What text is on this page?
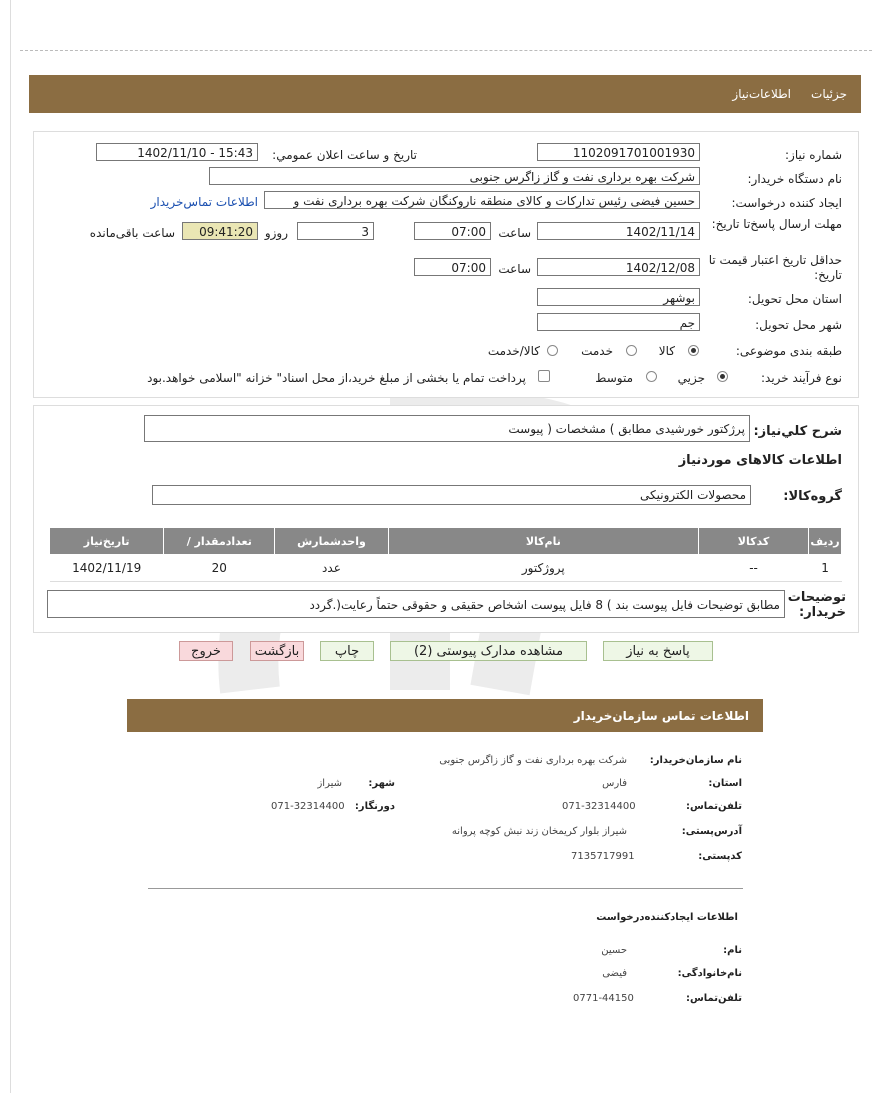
جزئیات
اطلاعات‌نیاز
شماره نیاز:
1102091701001930
تاریخ و ساعت اعلان عمومي:
1402/11/10 - 15:43
نام دستگاه خريدار:
شرکت بهره برداری نفت و گاز زاگرس جنوبی
ايجاد کننده درخواست:
حسین فیضی رئیس تدارکات و کالای منطقه ناروکنگان شرکت بهره برداری نفت و
اطلاعات تماس‌خريدار
مهلت ارسال پاسخ‌تا تاریخ:
1402/11/14
ساعت
07:00
3
روزو
09:41:20
ساعت باقی‌مانده
حداقل تاريخ اعتبار قیمت تا تاریخ:
1402/12/08
ساعت
07:00
استان محل تحويل:
بوشهر
شهر محل تحويل:
جم
طبقه بندی موضوعی:
کالا
خدمت
کالا/خدمت
نوع فرآيند خريد:
جزيي
متوسط
پرداخت تمام یا بخشی از مبلغ خرید،از محل اسناد" خزانه "اسلامی خواهد.بود
شرح كلي‌نياز:
پرژکتور خورشیدی مطابق ) مشخصات ( پیوست
اطلاعات کالاهای موردنیاز
گروه‌کالا:
محصولات الکترونیکی
رديف	كدكالا	نام‌كالا	واحدشمارش	تعدادمقدار /	تاريخ‌نياز
1	--	پروژکتور	عدد	20	1402/11/19
توضيحات خريدار:
مطابق توضیحات فایل پیوست بند ) 8 فایل پیوست اشخاص حقیقی و حقوقی حتماً رعایت(.گردد
پاسخ به نياز
مشاهده مدارک پیوستی (2)
چاپ
بازگشت
خروج
اطلاعات تماس سازمان‌خريدار
نام سازمان‌خريدار:
شرکت بهره برداری نفت و گاز زاگرس جنوبی
استان:
فارس
شهر:
شیراز
تلفن‌تماس:
071-32314400
دورنگار:
071-32314400
آدرس‌پستی:
شیراز بلوار کریمخان زند نبش کوچه پروانه
کدپستی:
7135717991
اطلاعات ایجادکننده‌درخواست
نام:
حسین
نام‌خانوادگی:
فیضی
تلفن‌تماس:
0771-44150
